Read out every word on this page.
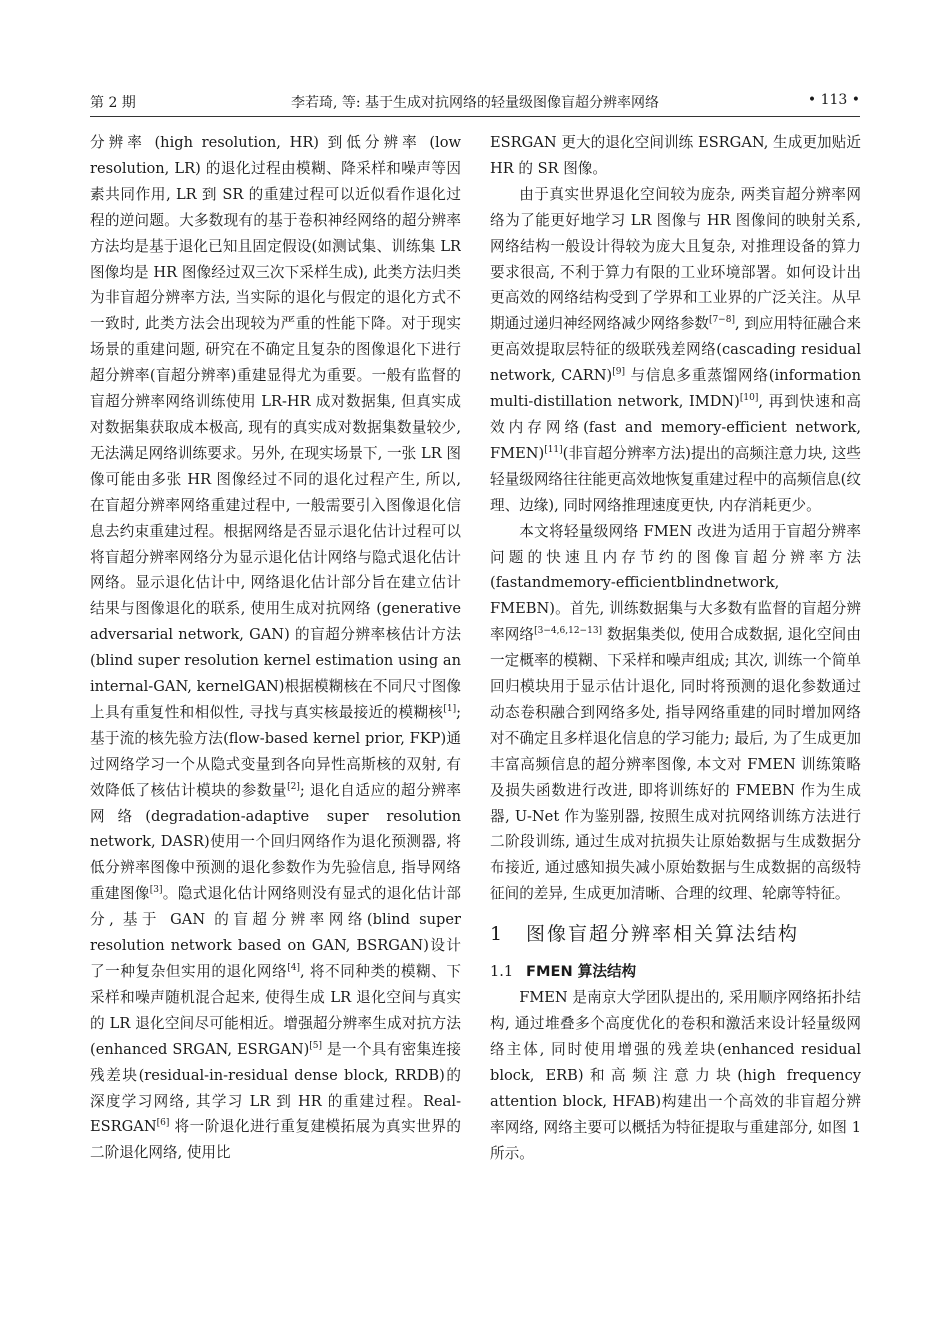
第 2 期	李若琦, 等: 基于生成对抗网络的轻量级图像盲超分辨率网络	• 113 •

分辨率 (high resolution, HR) 到低分辨率 (low resolution, LR) 的退化过程由模糊、降采样和噪声等因素共同作用, LR 到 SR 的重建过程可以近似看作退化过程的逆问题。大多数现有的基于卷积神经网络的超分辨率方法均是基于退化已知且固定假设(如测试集、训练集 LR 图像均是 HR 图像经过双三次下采样生成), 此类方法归类为非盲超分辨率方法, 当实际的退化与假定的退化方式不一致时, 此类方法会出现较为严重的性能下降。对于现实场景的重建问题, 研究在不确定且复杂的图像退化下进行超分辨率(盲超分辨率)重建显得尤为重要。一般有监督的盲超分辨率网络训练使用 LR-HR 成对数据集, 但真实成对数据集获取成本极高, 现有的真实成对数据集数量较少, 无法满足网络训练要求。另外, 在现实场景下, 一张 LR 图像可能由多张 HR 图像经过不同的退化过程产生, 所以, 在盲超分辨率网络重建过程中, 一般需要引入图像退化信息去约束重建过程。根据网络是否显示退化估计过程可以将盲超分辨率网络分为显示退化估计网络与隐式退化估计网络。显示退化估计中, 网络退化估计部分旨在建立估计结果与图像退化的联系, 使用生成对抗网络 (generative adversarial network, GAN) 的盲超分辨率核估计方法(blind super resolution kernel estimation using an internal-GAN, kernelGAN)根据模糊核在不同尺寸图像上具有重复性和相似性, 寻找与真实核最接近的模糊核[1]; 基于流的核先验方法(flow-based kernel prior, FKP)通过网络学习一个从隐式变量到各向异性高斯核的双射, 有效降低了核估计模块的参数量[2]; 退化自适应的超分辨率网络(degradation-adaptive super resolution network, DASR)使用一个回归网络作为退化预测器, 将低分辨率图像中预测的退化参数作为先验信息, 指导网络重建图像[3]。隐式退化估计网络则没有显式的退化估计部分, 基于 GAN 的盲超分辨率网络(blind super resolution network based on GAN, BSRGAN)设计了一种复杂但实用的退化网络[4], 将不同种类的模糊、下采样和噪声随机混合起来, 使得生成 LR 退化空间与真实的 LR 退化空间尽可能相近。增强超分辨率生成对抗方法(enhanced SRGAN, ESRGAN)[5] 是一个具有密集连接残差块(residual-in-residual dense block, RRDB)的深度学习网络, 其学习 LR 到 HR 的重建过程。Real-ESRGAN[6] 将一阶退化进行重复建模拓展为真实世界的二阶退化网络, 使用比

ESRGAN 更大的退化空间训练 ESRGAN, 生成更加贴近 HR 的 SR 图像。

由于真实世界退化空间较为庞杂, 两类盲超分辨率网络为了能更好地学习 LR 图像与 HR 图像间的映射关系, 网络结构一般设计得较为庞大且复杂, 对推理设备的算力要求很高, 不利于算力有限的工业环境部署。如何设计出更高效的网络结构受到了学界和工业界的广泛关注。从早期通过递归神经网络减少网络参数[7−8], 到应用特征融合来更高效提取层特征的级联残差网络(cascading residual network, CARN)[9] 与信息多重蒸馏网络(information multi-distillation network, IMDN)[10], 再到快速和高效内存网络(fast and memory-efficient network, FMEN)[11](非盲超分辨率方法)提出的高频注意力块, 这些轻量级网络往往能更高效地恢复重建过程中的高频信息(纹理、边缘), 同时网络推理速度更快, 内存消耗更少。

本文将轻量级网络 FMEN 改进为适用于盲超分辨率问题的快速且内存节约的图像盲超分辨率方法(fastandmemory-efficientblindnetwork, FMEBN)。首先, 训练数据集与大多数有监督的盲超分辨率网络[3−4,6,12−13] 数据集类似, 使用合成数据, 退化空间由一定概率的模糊、下采样和噪声组成; 其次, 训练一个简单回归模块用于显示估计退化, 同时将预测的退化参数通过动态卷积融合到网络多处, 指导网络重建的同时增加网络对不确定且多样退化信息的学习能力; 最后, 为了生成更加丰富高频信息的超分辨率图像, 本文对 FMEN 训练策略及损失函数进行改进, 即将训练好的 FMEBN 作为生成器, U-Net 作为鉴别器, 按照生成对抗网络训练方法进行二阶段训练, 通过生成对抗损失让原始数据与生成数据分布接近, 通过感知损失减小原始数据与生成数据的高级特征间的差异, 生成更加清晰、合理的纹理、轮廓等特征。

1 图像盲超分辨率相关算法结构
1.1 FMEN 算法结构

FMEN 是南京大学团队提出的, 采用顺序网络拓扑结构, 通过堆叠多个高度优化的卷积和激活来设计轻量级网络主体, 同时使用增强的残差块(enhanced residual block, ERB)和高频注意力块(high frequency attention block, HFAB)构建出一个高效的非盲超分辨率网络, 网络主要可以概括为特征提取与重建部分, 如图 1 所示。
